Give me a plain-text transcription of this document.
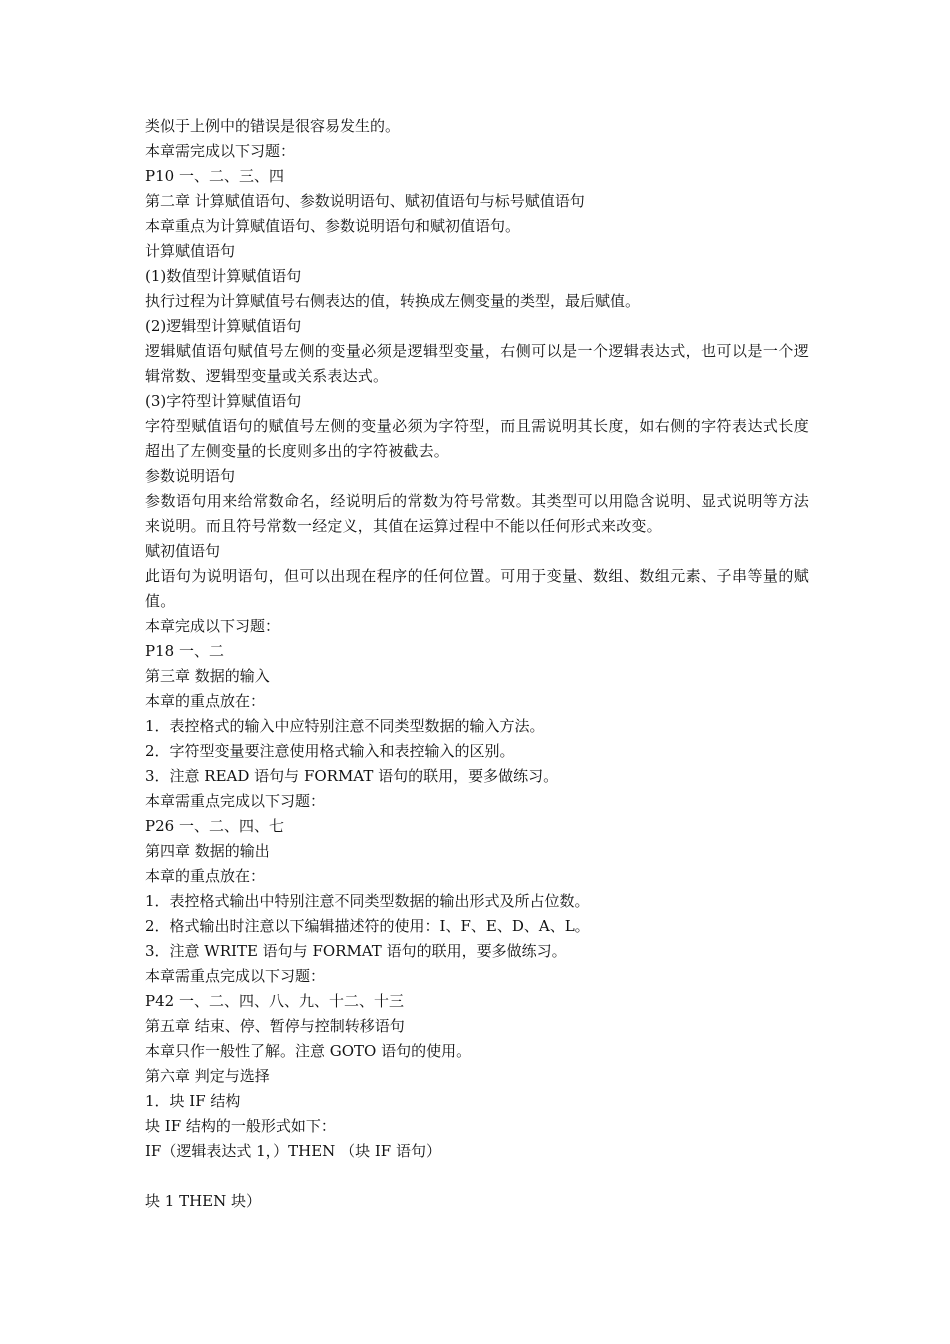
类似于上例中的错误是很容易发生的。
本章需完成以下习题：
P10 一、二、三、四
第二章 计算赋值语句、参数说明语句、赋初值语句与标号赋值语句
本章重点为计算赋值语句、参数说明语句和赋初值语句。
计算赋值语句
(1)数值型计算赋值语句
执行过程为计算赋值号右侧表达的值，转换成左侧变量的类型，最后赋值。
(2)逻辑型计算赋值语句
逻辑赋值语句赋值号左侧的变量必须是逻辑型变量，右侧可以是一个逻辑表达式，也可以是一个逻辑常数、逻辑型变量或关系表达式。
(3)字符型计算赋值语句
字符型赋值语句的赋值号左侧的变量必须为字符型，而且需说明其长度，如右侧的字符表达式长度超出了左侧变量的长度则多出的字符被截去。
参数说明语句
参数语句用来给常数命名，经说明后的常数为符号常数。其类型可以用隐含说明、显式说明等方法来说明。而且符号常数一经定义，其值在运算过程中不能以任何形式来改变。
赋初值语句
此语句为说明语句，但可以出现在程序的任何位置。可用于变量、数组、数组元素、子串等量的赋值。
本章完成以下习题：
P18 一、二
第三章 数据的输入
本章的重点放在：
1．表控格式的输入中应特别注意不同类型数据的输入方法。
2．字符型变量要注意使用格式输入和表控输入的区别。
3．注意 READ 语句与 FORMAT 语句的联用，要多做练习。
本章需重点完成以下习题：
P26 一、二、四、七
第四章 数据的输出
本章的重点放在：
1．表控格式输出中特别注意不同类型数据的输出形式及所占位数。
2．格式输出时注意以下编辑描述符的使用：I、F、E、D、A、L。
3．注意 WRITE 语句与 FORMAT 语句的联用，要多做练习。
本章需重点完成以下习题：
P42 一、二、四、八、九、十二、十三
第五章 结束、停、暂停与控制转移语句
本章只作一般性了解。注意 GOTO 语句的使用。
第六章 判定与选择
1．块 IF 结构
块 IF 结构的一般形式如下：
IF（逻辑表达式 1，）THEN （块 IF 语句）
块 1 THEN 块）
